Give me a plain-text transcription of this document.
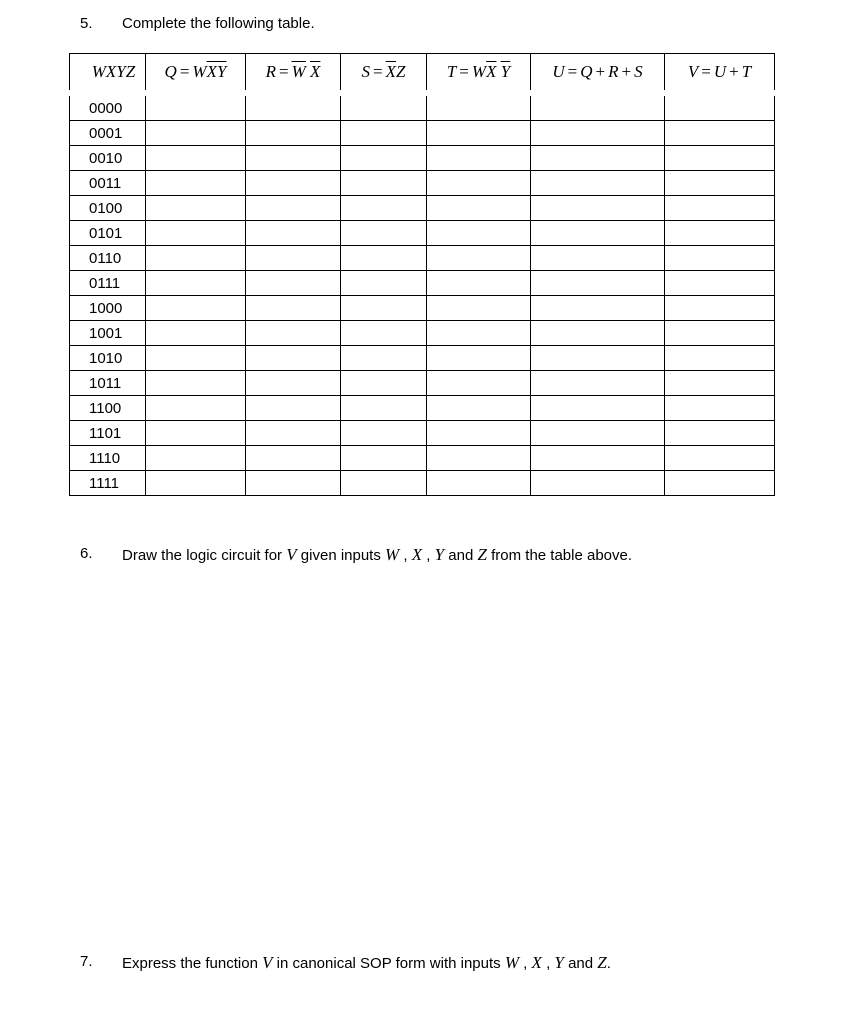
5. Complete the following table.
WXYZ	$Q = W\overline{XY}$	$R = \overline{W}$ $\overline{X}$	$S = \overline{X}Z$	$T = W\overline{X}$ $\overline{Y}$	U = Q + R + S	V = U + T
0000						
0001						
0010						
0011						
0100						
0101						
0110						
0111						
1000						
1001						
1010						
1011						
1100						
1101						
1110						
1111						
6. Draw the logic circuit for V given inputs W , X , Y and Z from the table above.
7. Express the function V in canonical SOP form with inputs W , X , Y and Z.
